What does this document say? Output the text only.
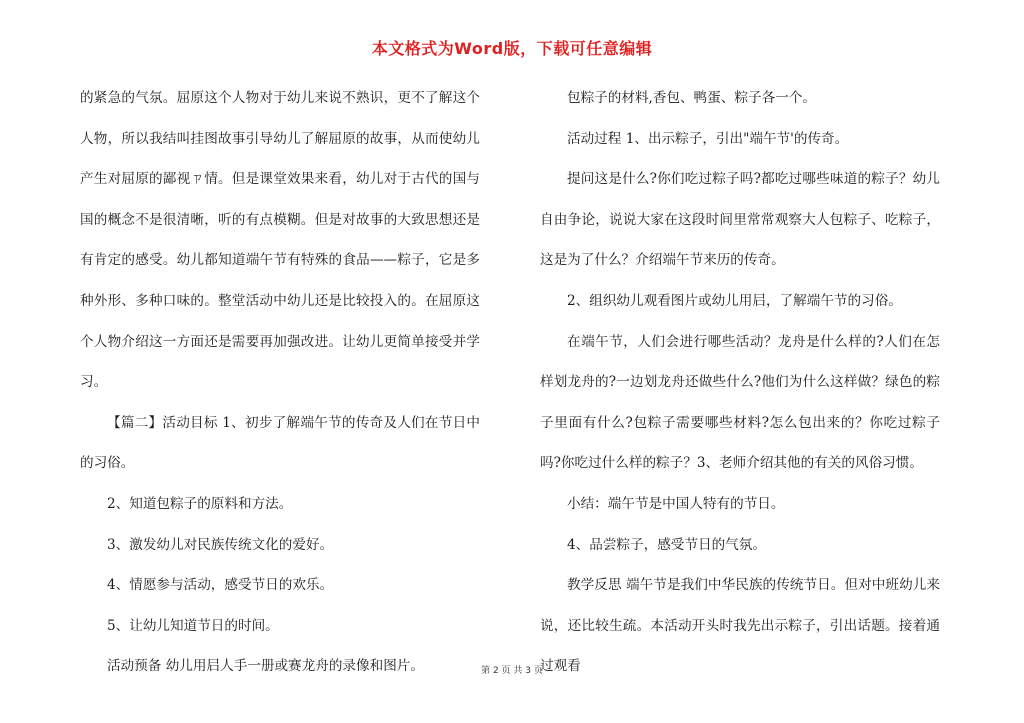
本文格式为Word版，下载可任意编辑

的紧急的气氛。屈原这个人物对于幼儿来说不熟识，更不了解这个人物，所以我结叫挂图故事引导幼儿了解屈原的故事，从而使幼儿产生对屈原的鄙视ㄗ情。但是课堂效果来看，幼儿对于古代的国与国的概念不是很清晰，听的有点模糊。但是对故事的大致思想还是有肯定的感受。幼儿都知道端午节有特殊的食品——粽子，它是多种外形、多种口味的。整堂活动中幼儿还是比较投入的。在屈原这个人物介绍这一方面还是需要再加强改进。让幼儿更简单接受并学习。

【篇二】活动目标 1、初步了解端午节的传奇及人们在节日中的习俗。

2、知道包粽子的原料和方法。

3、激发幼儿对民族传统文化的爱好。

4、情愿参与活动，感受节日的欢乐。

5、让幼儿知道节日的时间。

活动预备 幼儿用𡰪人手一册或赛龙舟的录像和图片。

包粽子的材料,香包、鸭蛋、粽子各一个。

活动过程 1、出示粽子，引出"端午节'的传奇。

提问这是什么?你们吃过粽子吗?都吃过哪些味道的粽子？幼儿自由争论，说说大家在这段时间里常常观察大人包粽子、吃粽子，这是为了什么？介绍端午节来历的传奇。

2、组织幼儿观看图片或幼儿用𡰪，了解端午节的习俗。

在端午节，人们会进行哪些活动？龙舟是什么样的?人们在怎样划龙舟的?一边划龙舟还做些什么?他们为什么这样做？绿色的粽子里面有什么?包粽子需要哪些材料?怎么包出来的？你吃过粽子吗?你吃过什么样的粽子？3、老师介绍其他的有关的风俗习惯。

小结：端午节是中国人特有的节日。

4、品尝粽子，感受节日的气氛。

教学反思 端午节是我们中华民族的传统节日。但对中班幼儿来说，还比较生疏。本活动开头时我先出示粽子，引出话题。接着通过观看

第 2 页 共 3 页
